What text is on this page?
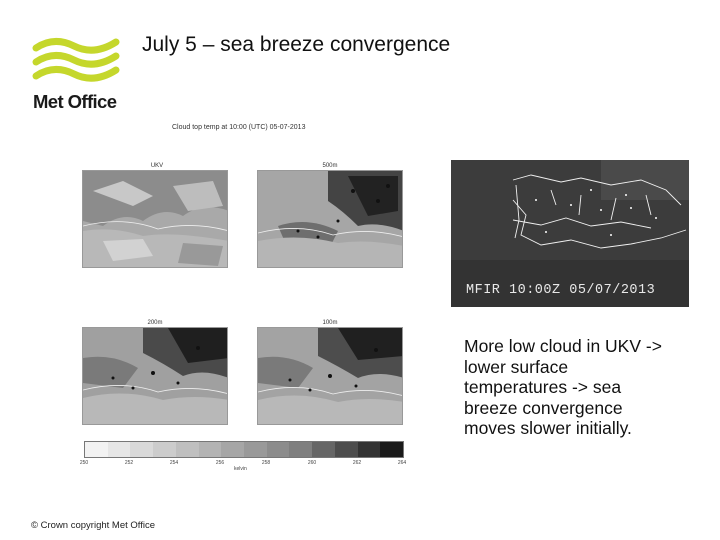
Met Office
July 5 – sea breeze convergence
Cloud top temp at 10:00 (UTC) 05-07-2013
UKV	500m
200m	100m
250	252	254	256	258	260	262	264
kelvin
MFIR 10:00Z 05/07/2013
More low cloud in UKV -> lower surface temperatures -> sea breeze convergence moves slower initially.
© Crown copyright Met Office
